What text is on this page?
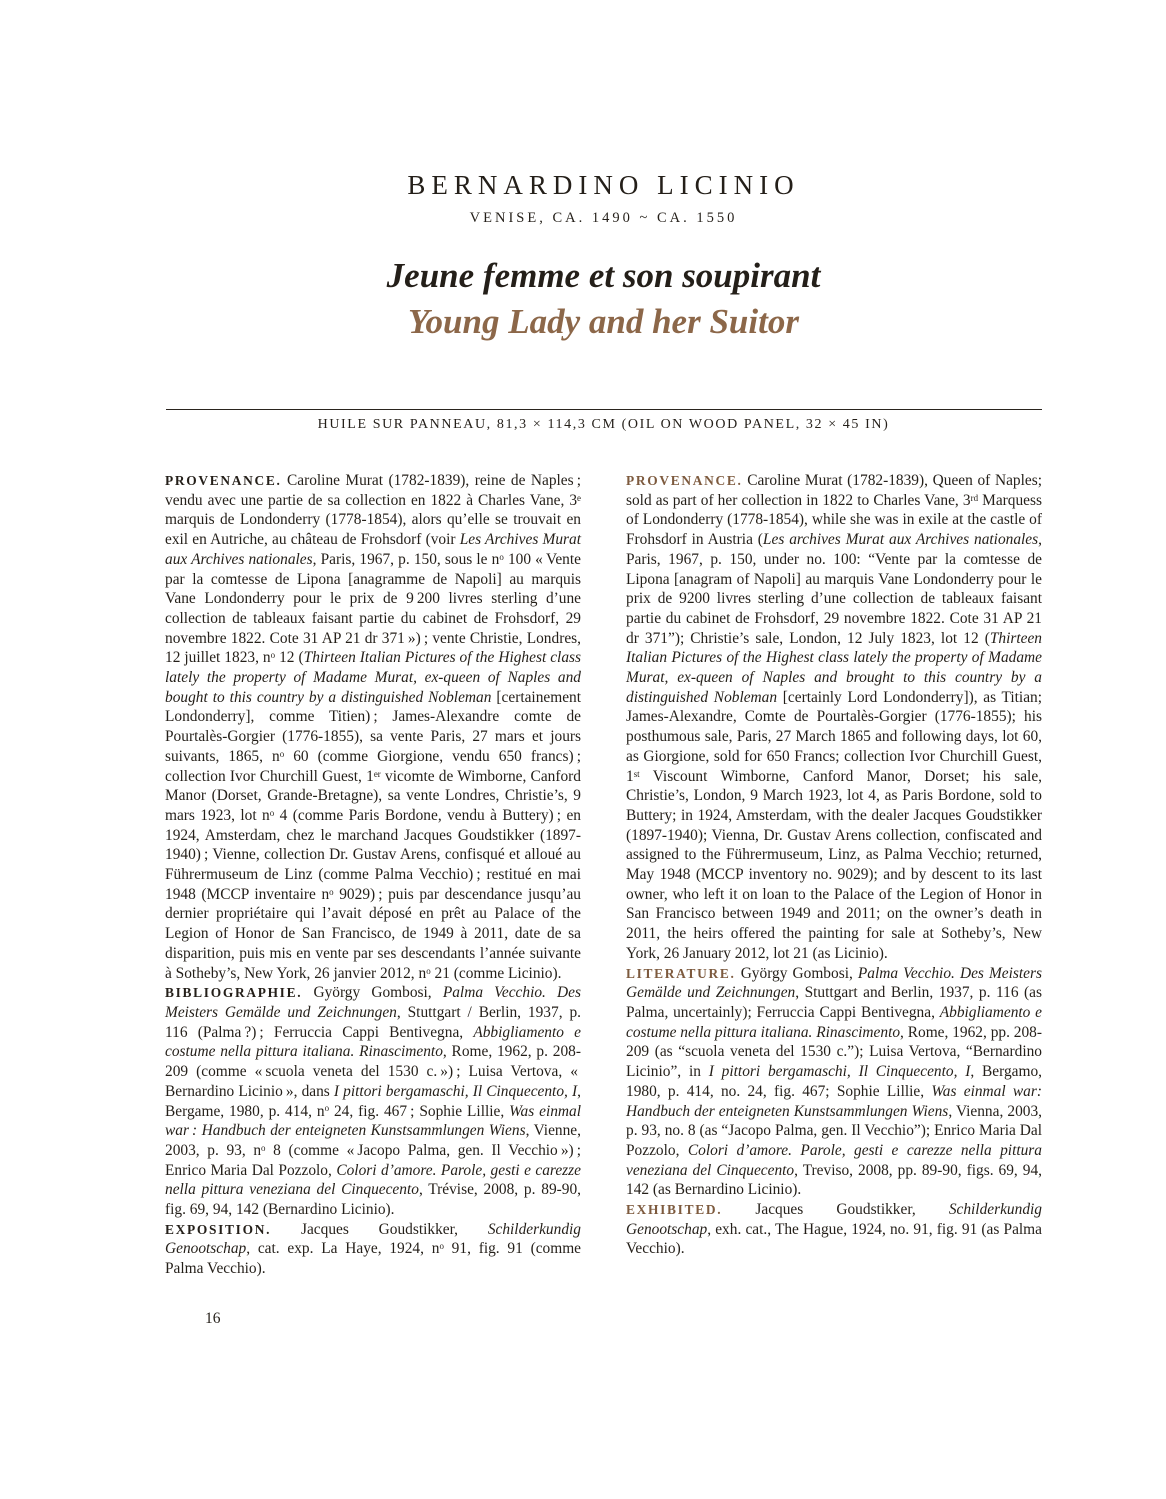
BERNARDINO LICINIO
VENISE, CA. 1490 ~ CA. 1550
Jeune femme et son soupirant
Young Lady and her Suitor
HUILE SUR PANNEAU, 81,3 × 114,3 CM (OIL ON WOOD PANEL, 32 × 45 IN)

PROVENANCE. Caroline Murat (1782-1839), reine de Naples ; vendu avec une partie de sa collection en 1822 à Charles Vane, 3e marquis de Londonderry (1778-1854), alors qu’elle se trouvait en exil en Autriche, au château de Frohsdorf (voir Les Archives Murat aux Archives nationales, Paris, 1967, p. 150, sous le $n^o$ 100 « Vente par la comtesse de Lipona [anagramme de Napoli] au marquis Vane Londonderry pour le prix de 9 200 livres sterling d’une collection de tableaux faisant partie du cabinet de Frohsdorf, 29 novembre 1822. Cote 31 AP 21 dr 371 ») ; vente Christie, Londres, 12 juillet 1823, $n^o$ 12 (Thirteen Italian Pictures of the Highest class lately the property of Madame Murat, ex-queen of Naples and bought to this country by a distinguished Nobleman [certainement Londonderry], comme Titien) ; James-Alexandre comte de Pourtalès-Gorgier (1776-1855), sa vente Paris, 27 mars et jours suivants, 1865, $n^o$ 60 (comme Giorgione, vendu 650 francs) ; collection Ivor Churchill Guest, 1er vicomte de Wimborne, Canford Manor (Dorset, Grande-Bretagne), sa vente Londres, Christie’s, 9 mars 1923, lot $n^o$ 4 (comme Paris Bordone, vendu à Buttery) ; en 1924, Amsterdam, chez le marchand Jacques Goudstikker (1897-1940) ; Vienne, collection Dr. Gustav Arens, confisqué et alloué au Führermuseum de Linz (comme Palma Vecchio) ; restitué en mai 1948 (MCCP inventaire $n^o$ 9029) ; puis par descendance jusqu’au dernier propriétaire qui l’avait déposé en prêt au Palace of the Legion of Honor de San Francisco, de 1949 à 2011, date de sa disparition, puis mis en vente par ses descendants l’année suivante à Sotheby’s, New York, 26 janvier 2012, $n^o$ 21 (comme Licinio).

BIBLIOGRAPHIE. György Gombosi, Palma Vecchio. Des Meisters Gemälde und Zeichnungen, Stuttgart / Berlin, 1937, p. 116 (Palma ?) ; Ferruccia Cappi Bentivegna, Abbigliamento e costume nella pittura italiana. Rinascimento, Rome, 1962, p. 208-209 (comme « scuola veneta del 1530 c. ») ; Luisa Vertova, « Bernardino Licinio », dans I pittori bergamaschi, Il Cinquecento, I, Bergame, 1980, p. 414, $n^o$ 24, fig. 467 ; Sophie Lillie, Was einmal war : Handbuch der enteigneten Kunstsammlungen Wiens, Vienne, 2003, p. 93, $n^o$ 8 (comme « Jacopo Palma, gen. Il Vecchio ») ; Enrico Maria Dal Pozzolo, Colori d’amore. Parole, gesti e carezze nella pittura veneziana del Cinquecento, Trévise, 2008, p. 89-90, fig. 69, 94, 142 (Bernardino Licinio).

EXPOSITION. Jacques Goudstikker, Schilderkundig Genootschap, cat. exp. La Haye, 1924, $n^o$ 91, fig. 91 (comme Palma Vecchio).

PROVENANCE. Caroline Murat (1782-1839), Queen of Naples; sold as part of her collection in 1822 to Charles Vane, 3rd Marquess of Londonderry (1778-1854), while she was in exile at the castle of Frohsdorf in Austria (Les archives Murat aux Archives nationales, Paris, 1967, p. 150, under no. 100: “Vente par la comtesse de Lipona [anagram of Napoli] au marquis Vane Londonderry pour le prix de 9200 livres sterling d’une collection de tableaux faisant partie du cabinet de Frohsdorf, 29 novembre 1822. Cote 31 AP 21 dr 371”); Christie’s sale, London, 12 July 1823, lot 12 (Thirteen Italian Pictures of the Highest class lately the property of Madame Murat, ex-queen of Naples and brought to this country by a distinguished Nobleman [certainly Lord Londonderry]), as Titian; James-Alexandre, Comte de Pourtalès-Gorgier (1776-1855); his posthumous sale, Paris, 27 March 1865 and following days, lot 60, as Giorgione, sold for 650 Francs; collection Ivor Churchill Guest, 1st Viscount Wimborne, Canford Manor, Dorset; his sale, Christie’s, London, 9 March 1923, lot 4, as Paris Bordone, sold to Buttery; in 1924, Amsterdam, with the dealer Jacques Goudstikker (1897-1940); Vienna, Dr. Gustav Arens collection, confiscated and assigned to the Führermuseum, Linz, as Palma Vecchio; returned, May 1948 (MCCP inventory no. 9029); and by descent to its last owner, who left it on loan to the Palace of the Legion of Honor in San Francisco between 1949 and 2011; on the owner’s death in 2011, the heirs offered the painting for sale at Sotheby’s, New York, 26 January 2012, lot 21 (as Licinio).

LITERATURE. György Gombosi, Palma Vecchio. Des Meisters Gemälde und Zeichnungen, Stuttgart and Berlin, 1937, p. 116 (as Palma, uncertainly); Ferruccia Cappi Bentivegna, Abbigliamento e costume nella pittura italiana. Rinascimento, Rome, 1962, pp. 208-209 (as “scuola veneta del 1530 c.”); Luisa Vertova, “Bernardino Licinio”, in I pittori bergamaschi, Il Cinquecento, I, Bergamo, 1980, p. 414, no. 24, fig. 467; Sophie Lillie, Was einmal war: Handbuch der enteigneten Kunstsammlungen Wiens, Vienna, 2003, p. 93, no. 8 (as “Jacopo Palma, gen. Il Vecchio”); Enrico Maria Dal Pozzolo, Colori d’amore. Parole, gesti e carezze nella pittura veneziana del Cinquecento, Treviso, 2008, pp. 89-90, figs. 69, 94, 142 (as Bernardino Licinio).

EXHIBITED. Jacques Goudstikker, Schilderkundig Genootschap, exh. cat., The Hague, 1924, no. 91, fig. 91 (as Palma Vecchio).

16
